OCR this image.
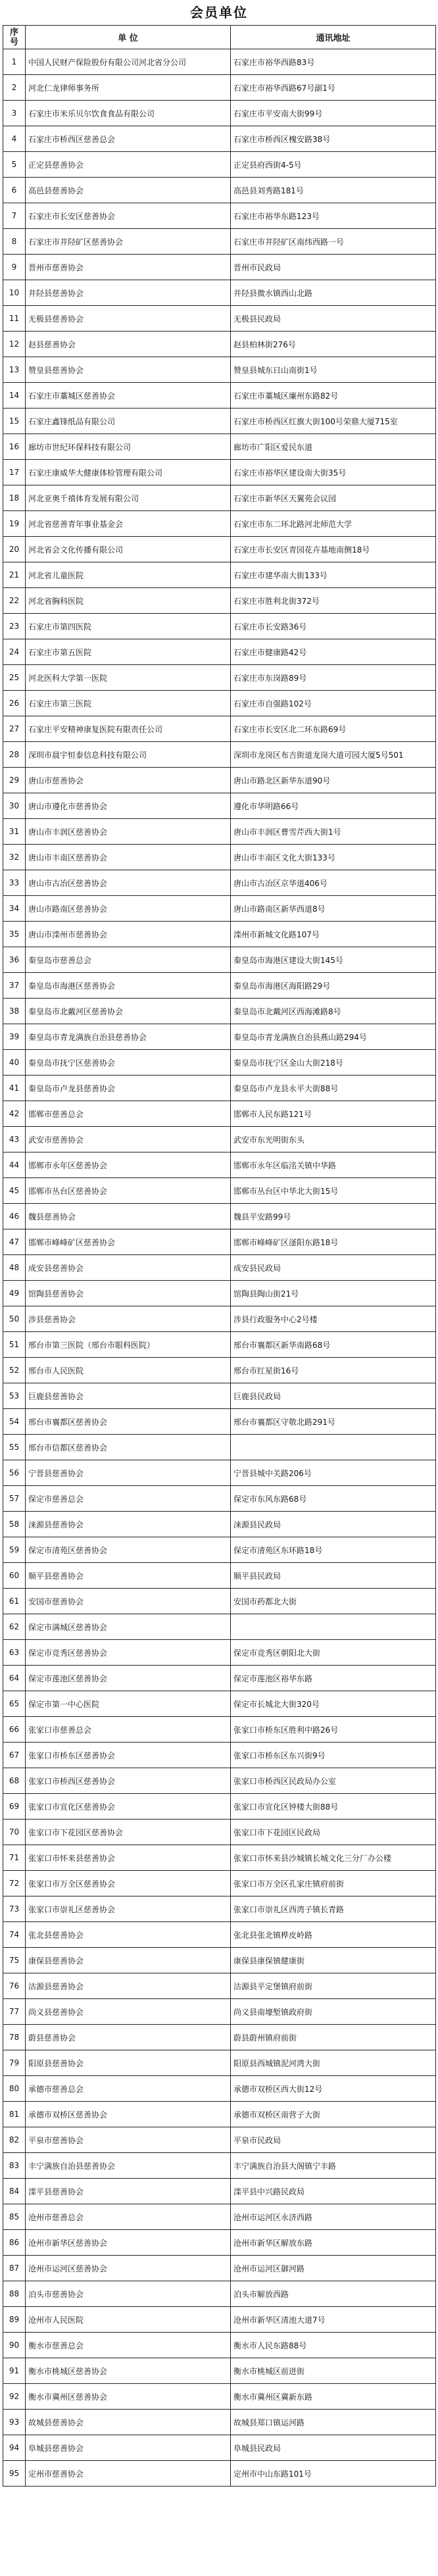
会员单位
序号	单 位	通讯地址
1	中国人民财产保险股份有限公司河北省分公司	石家庄市裕华西路83号
2	河北仁龙律师事务所	石家庄市裕华西路67号副1号
3	石家庄市米乐贝尔饮食食品有限公司	石家庄市平安南大街99号
4	石家庄市桥西区慈善总会	石家庄市桥西区槐安路38号
5	正定县慈善协会	正定县府西街4-5号
6	高邑县慈善协会	高邑县刘秀路181号
7	石家庄市长安区慈善协会	石家庄市裕华东路123号
8	石家庄市井陉矿区慈善协会	石家庄市井陉矿区南纬西路一号
9	晋州市慈善协会	晋州市民政局
10	井陉县慈善协会	井陉县微水镇西山北路
11	无极县慈善协会	无极县民政局
12	赵县慈善协会	赵县柏林街276号
13	赞皇县慈善协会	赞皇县城东日山南街1号
14	石家庄市藁城区慈善协会	石家庄市藁城区廉州东路82号
15	石家庄鑫锋纸品有限公司	石家庄市桥西区红旗大街100号荣鼎大厦715室
16	廊坊市世纪环保科技有限公司	廊坊市广阳区爱民东道
17	石家庄康威华大健康体检管理有限公司	石家庄市裕华区建设南大街35号
18	河北亚奥千禧体育发展有限公司	石家庄市新华区天翼苑会议园
19	河北省慈善青年事业基金会	石家庄市东二环北路河北师范大学
20	河北省会文化传播有限公司	石家庄市长安区青园花卉基地南侧18号
21	河北省儿童医院	石家庄市建华南大街133号
22	河北省胸科医院	石家庄市胜利北街372号
23	石家庄市第四医院	石家庄市长安路36号
24	石家庄市第五医院	石家庄市健康路42号
25	河北医科大学第一医院	石家庄市东岗路89号
26	石家庄市第三医院	石家庄市自强路102号
27	石家庄平安精神康复医院有限责任公司	石家庄市长安区北二环东路69号
28	深圳市晨宇恒泰信息科技有限公司	深圳市龙岗区布吉街道龙岗大道可园大厦5号501
29	唐山市慈善协会	唐山市路北区新华东道90号
30	唐山市遵化市慈善协会	遵化市华明路66号
31	唐山市丰润区慈善协会	唐山市丰润区曹雪芹西大街1号
32	唐山市丰南区慈善协会	唐山市丰南区文化大街133号
33	唐山市古冶区慈善协会	唐山市古冶区京华道406号
34	唐山市路南区慈善协会	唐山市路南区新华西道8号
35	唐山市滦州市慈善协会	滦州市新城文化路107号
36	秦皇岛市慈善总会	秦皇岛市海港区建设大街145号
37	秦皇岛市海港区慈善协会	秦皇岛市海港区海阳路29号
38	秦皇岛市北戴河区慈善协会	秦皇岛市北戴河区西海滩路8号
39	秦皇岛市青龙满族自治县慈善协会	秦皇岛市青龙满族自治县燕山路294号
40	秦皇岛市抚宁区慈善协会	秦皇岛市抚宁区金山大街218号
41	秦皇岛市卢龙县慈善协会	秦皇岛市卢龙县永平大街88号
42	邯郸市慈善总会	邯郸市人民东路121号
43	武安市慈善协会	武安市东光明街东头
44	邯郸市永年区慈善协会	邯郸市永年区临洺关镇中华路
45	邯郸市丛台区慈善协会	邯郸市丛台区中华北大街15号
46	魏县慈善协会	魏县平安路99号
47	邯郸市峰峰矿区慈善协会	邯郸市峰峰矿区滏阳东路18号
48	成安县慈善协会	成安县民政局
49	馆陶县慈善协会	馆陶县陶山街21号
50	涉县慈善协会	涉县行政服务中心2号楼
51	邢台市第三医院（邢台市眼科医院）	邢台市襄都区新华南路68号
52	邢台市人民医院	邢台市红星街16号
53	巨鹿县慈善协会	巨鹿县民政局
54	邢台市襄都区慈善协会	邢台市襄都区守敬北路291号
55	邢台市信都区慈善协会	
56	宁晋县慈善协会	宁晋县城中关路206号
57	保定市慈善总会	保定市东风东路68号
58	涞源县慈善协会	涞源县民政局
59	保定市清苑区慈善协会	保定市清苑区东环路18号
60	顺平县慈善协会	顺平县民政局
61	安国市慈善协会	安国市药都北大街
62	保定市满城区慈善协会	
63	保定市竞秀区慈善协会	保定市竞秀区朝阳北大街
64	保定市莲池区慈善协会	保定市莲池区裕华东路
65	保定市第一中心医院	保定市长城北大街320号
66	张家口市慈善总会	张家口市桥东区胜利中路26号
67	张家口市桥东区慈善协会	张家口市桥东区东兴街9号
68	张家口市桥西区慈善协会	张家口市桥西区民政局办公室
69	张家口市宣化区慈善协会	张家口市宣化区钟楼大街88号
70	张家口市下花园区慈善协会	张家口市下花园区民政局
71	张家口市怀来县慈善协会	张家口市怀来县沙城镇长城文化三分厂办公楼
72	张家口市万全区慈善协会	张家口市万全区孔家庄镇府前街
73	张家口市崇礼区慈善协会	张家口市崇礼区西湾子镇长青路
74	张北县慈善协会	张北县张北镇桦皮岭路
75	康保县慈善协会	康保县康保镇健康街
76	沽源县慈善协会	沽源县平定堡镇府前街
77	尚义县慈善协会	尚义县南壕堑镇政府街
78	蔚县慈善协会	蔚县蔚州镇府前街
79	阳原县慈善协会	阳原县西城镇泥河湾大街
80	承德市慈善总会	承德市双桥区西大街12号
81	承德市双桥区慈善协会	承德市双桥区南营子大街
82	平泉市慈善协会	平泉市民政局
83	丰宁满族自治县慈善协会	丰宁满族自治县大阁镇宁丰路
84	滦平县慈善协会	滦平县中兴路民政局
85	沧州市慈善总会	沧州市运河区永济西路
86	沧州市新华区慈善协会	沧州市新华区解放东路
87	沧州市运河区慈善协会	沧州市运河区御河路
88	泊头市慈善协会	泊头市解放西路
89	沧州市人民医院	沧州市新华区清池大道7号
90	衡水市慈善总会	衡水市人民东路88号
91	衡水市桃城区慈善协会	衡水市桃城区前进街
92	衡水市冀州区慈善协会	衡水市冀州区冀新东路
93	故城县慈善协会	故城县郑口镇运河路
94	阜城县慈善协会	阜城县民政局
95	定州市慈善协会	定州市中山东路101号
